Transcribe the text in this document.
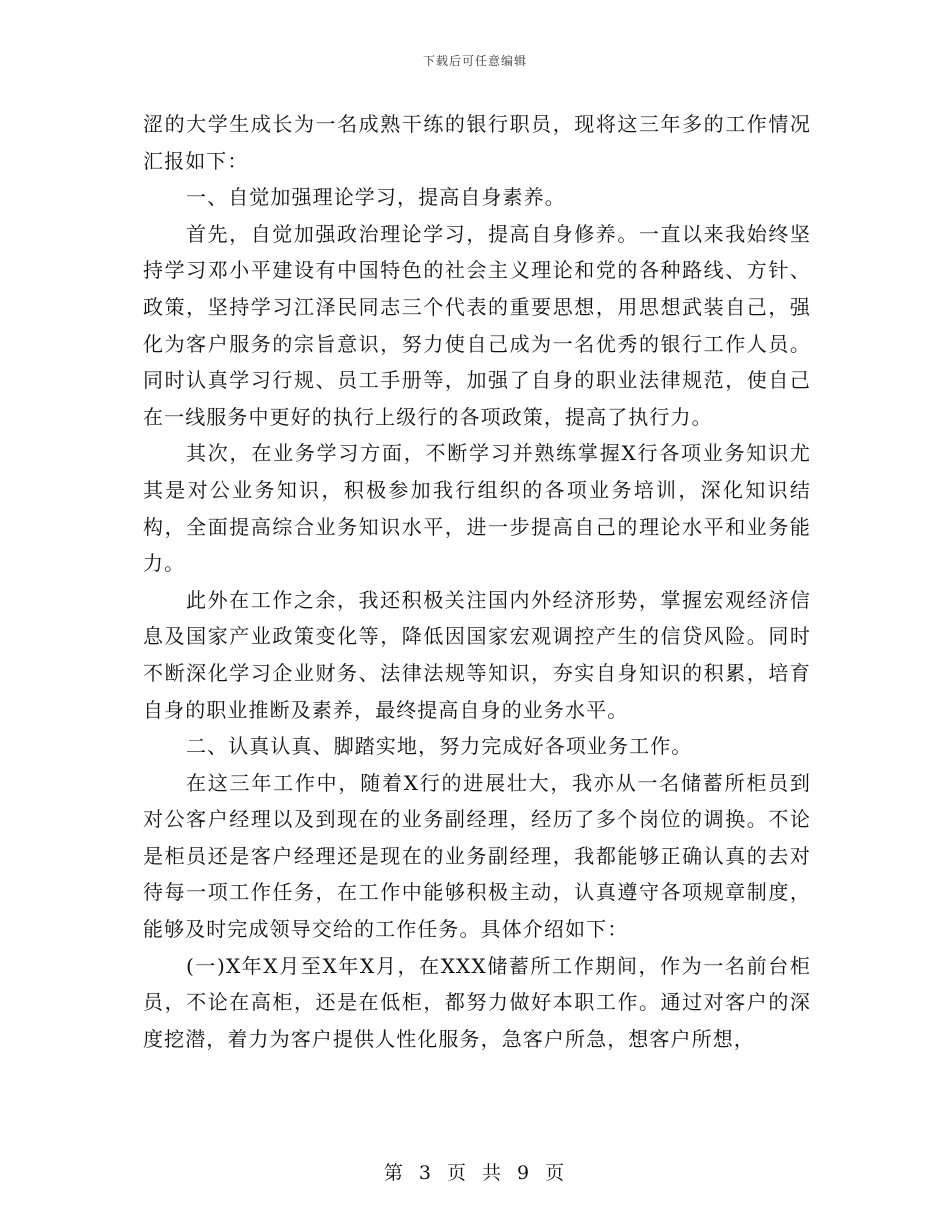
下载后可任意编辑

涩的大学生成长为一名成熟干练的银行职员，现将这三年多的工作情况汇报如下：

一、自觉加强理论学习，提高自身素养。

首先，自觉加强政治理论学习，提高自身修养。一直以来我始终坚持学习邓小平建设有中国特色的社会主义理论和党的各种路线、方针、政策，坚持学习江泽民同志三个代表的重要思想，用思想武装自己，强化为客户服务的宗旨意识，努力使自己成为一名优秀的银行工作人员。同时认真学习行规、员工手册等，加强了自身的职业法律规范，使自己在一线服务中更好的执行上级行的各项政策，提高了执行力。

其次，在业务学习方面，不断学习并熟练掌握X行各项业务知识尤其是对公业务知识，积极参加我行组织的各项业务培训，深化知识结构，全面提高综合业务知识水平，进一步提高自己的理论水平和业务能力。

此外在工作之余，我还积极关注国内外经济形势，掌握宏观经济信息及国家产业政策变化等，降低因国家宏观调控产生的信贷风险。同时不断深化学习企业财务、法律法规等知识，夯实自身知识的积累，培育自身的职业推断及素养，最终提高自身的业务水平。

二、认真认真、脚踏实地，努力完成好各项业务工作。

在这三年工作中，随着X行的进展壮大，我亦从一名储蓄所柜员到对公客户经理以及到现在的业务副经理，经历了多个岗位的调换。不论是柜员还是客户经理还是现在的业务副经理，我都能够正确认真的去对待每一项工作任务，在工作中能够积极主动，认真遵守各项规章制度，能够及时完成领导交给的工作任务。具体介绍如下：

(一)X年X月至X年X月，在XXX储蓄所工作期间，作为一名前台柜员，不论在高柜，还是在低柜，都努力做好本职工作。通过对客户的深度挖潜，着力为客户提供人性化服务，急客户所急，想客户所想，

第 3 页 共 9 页
